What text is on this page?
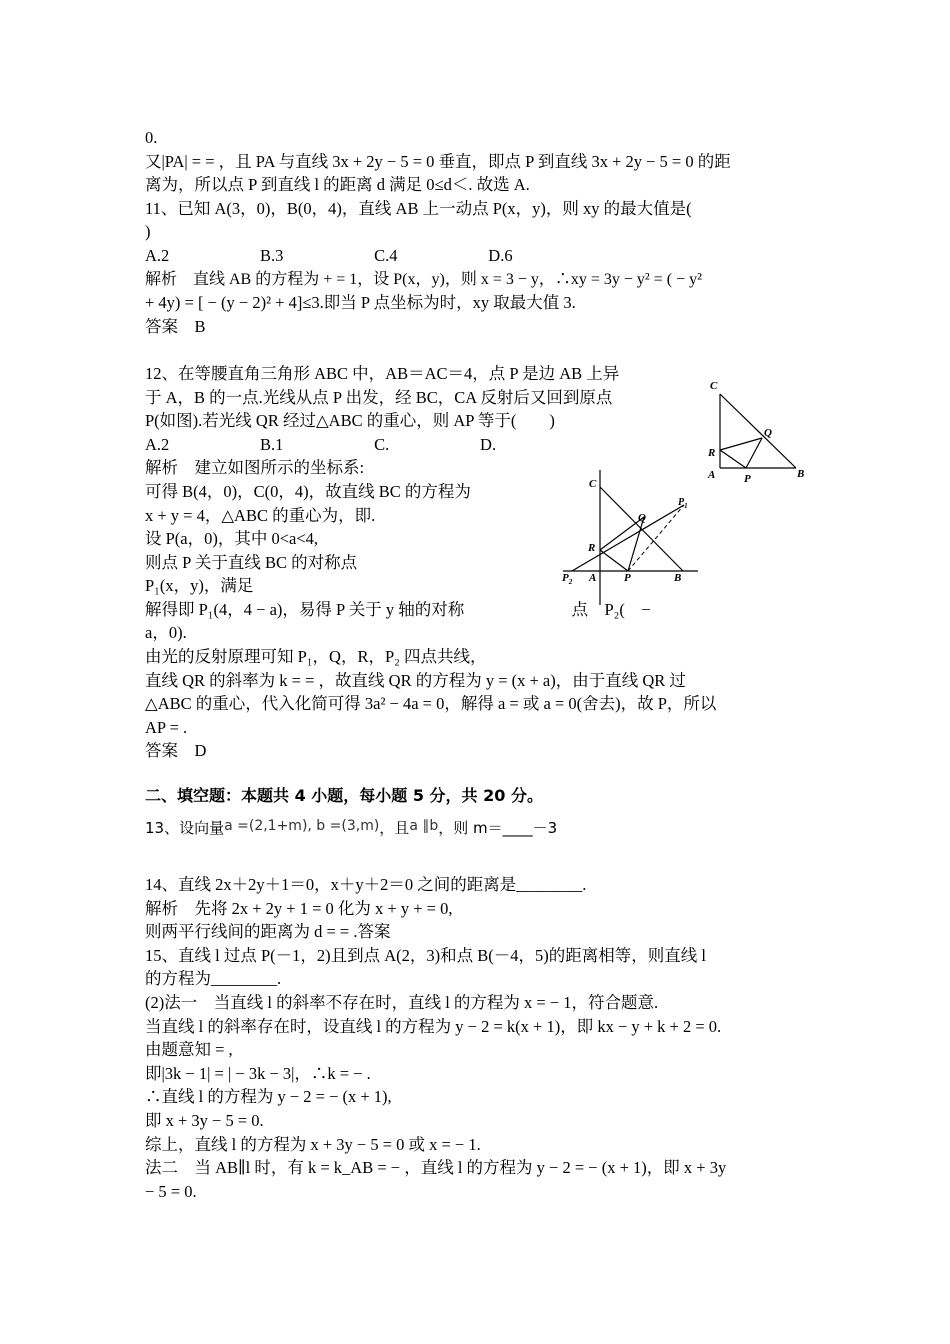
0.
又|PA| = = ，且 PA 与直线 3x + 2y − 5 = 0 垂直，即点 P 到直线 3x + 2y − 5 = 0 的距
离为，所以点 P 到直线 l 的距离 d 满足 0≤d＜. 故选 A.
11、已知 A(3，0)，B(0，4)，直线 AB 上一动点 P(x，y)，则 xy 的最大值是(
)
A.2                      B.3                      C.4                      D.6
解析　直线 AB 的方程为 + = 1，设 P(x，y)，则 x = 3 − y，∴xy = 3y − y² = ( − y²
+ 4y) = [ − (y − 2)² + 4]≤3.即当 P 点坐标为时，xy 取最大值 3.
答案　B
12、在等腰直角三角形 ABC 中，AB＝AC＝4，点 P 是边 AB 上异
于 A，B 的一点.光线从点 P 出发，经 BC，CA 反射后又回到原点
P(如图).若光线 QR 经过△ABC 的重心，则 AP 等于(　　)
A.2                      B.1                      C.                      D.
解析　建立如图所示的坐标系:
可得 B(4，0)，C(0，4)，故直线 BC 的方程为
x + y = 4，△ABC 的重心为，即.
设 P(a，0)，其中 0<a<4,
则点 P 关于直线 BC 的对称点
P₁(x，y)，满足
解得即 P₁(4，4 − a)，易得 P 关于 y 轴的对称                          点　P₂(　−
a，0).
由光的反射原理可知 P₁，Q，R，P₂ 四点共线，
直线 QR 的斜率为 k = = ，故直线 QR 的方程为 y = (x + a)，由于直线 QR 过
△ABC 的重心，代入化简可得 3a² − 4a = 0，解得 a = 或 a = 0(舍去)，故 P，所以
AP = .
答案　D
二、填空题：本题共 4 小题，每小题 5 分，共 20 分。
13、设向量a =(2,1+m), b =(3,m)，且a ∥b，则 m＝____－3
14、直线 2x＋2y＋1＝0，x＋y＋2＝0 之间的距离是________.
解析　先将 2x + 2y + 1 = 0 化为 x + y + = 0,
则两平行线间的距离为 d = = .答案
15、直线 l 过点 P(－1，2)且到点 A(2，3)和点 B(－4，5)的距离相等，则直线 l
的方程为________.
(2)法一　当直线 l 的斜率不存在时，直线 l 的方程为 x = − 1，符合题意.
当直线 l 的斜率存在时，设直线 l 的方程为 y − 2 = k(x + 1)，即 kx − y + k + 2 = 0.
由题意知 = ,
即|3k − 1| = | − 3k − 3|，∴k = − .
∴直线 l 的方程为 y − 2 = − (x + 1),
即 x + 3y − 5 = 0.
综上，直线 l 的方程为 x + 3y − 5 = 0 或 x = − 1.
法二　当 AB∥l 时，有 k = k_AB = − ，直线 l 的方程为 y − 2 = − (x + 1)，即 x + 3y
− 5 = 0.
C
Q
R
A	P	B
C
$P_1$
Q
R
$P_2$ A	P	B
